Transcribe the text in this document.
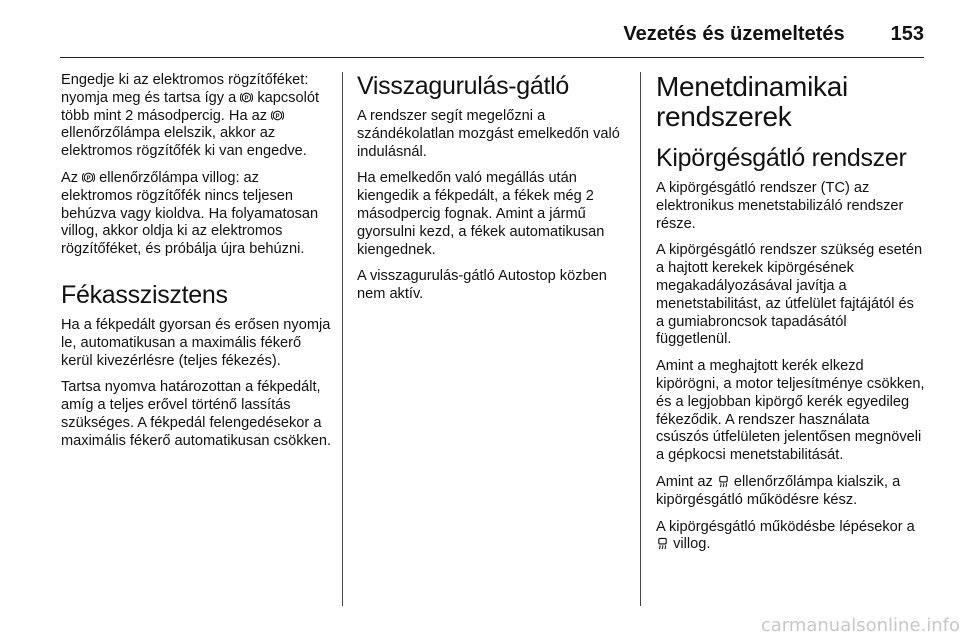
Vezetés és üzemeltetés 153

Engedje ki az elektromos rögzítőféket: nyomja meg és tartsa így a P kapcsolót több mint 2 másodpercig. Ha az P
ellenőrzőlámpa elelszik, akkor az elektromos rögzítőfék ki van engedve.

Az P ellenőrzőlámpa villog: az elektromos rögzítőfék nincs teljesen behúzva vagy kioldva. Ha folyamatosan villog, akkor oldja ki az elektromos rögzítőféket, és próbálja újra behúzni.

Fékasszisztens

Ha a fékpedált gyorsan és erősen nyomja le, automatikusan a maximális fékerő kerül kivezérlésre (teljes fékezés).

Tartsa nyomva határozottan a fékpedált, amíg a teljes erővel történő lassítás szükséges. A fékpedál felengedésekor a maximális fékerő automatikusan csökken.

Visszagurulás-gátló

A rendszer segít megelőzni a szándékolatlan mozgást emelkedőn való indulásnál.

Ha emelkedőn való megállás után kiengedik a fékpedált, a fékek még 2 másodpercig fognak. Amint a jármű gyorsulni kezd, a fékek automatikusan kiengednek.

A visszagurulás-gátló Autostop közben nem aktív.

Menetdinamikai rendszerek
Kipörgésgátló rendszer

A kipörgésgátló rendszer (TC) az elektronikus menetstabilizáló rendszer része.

A kipörgésgátló rendszer szükség esetén a hajtott kerekek kipörgésének megakadályozásával javítja a menetstabilitást, az útfelület fajtájától és a gumiabroncsok tapadásától függetlenül.

Amint a meghajtott kerék elkezd kipörögni, a motor teljesítménye csökken, és a legjobban kipörgő kerék egyedileg fékeződik. A rendszer használata csúszós útfelületen jelentősen megnöveli a gépkocsi menetstabilitását.

Amint az ellenőrzőlámpa kialszik, a kipörgésgátló működésre kész.

A kipörgésgátló működésbe lépésekor a  villog.

carmanualsonline.info
